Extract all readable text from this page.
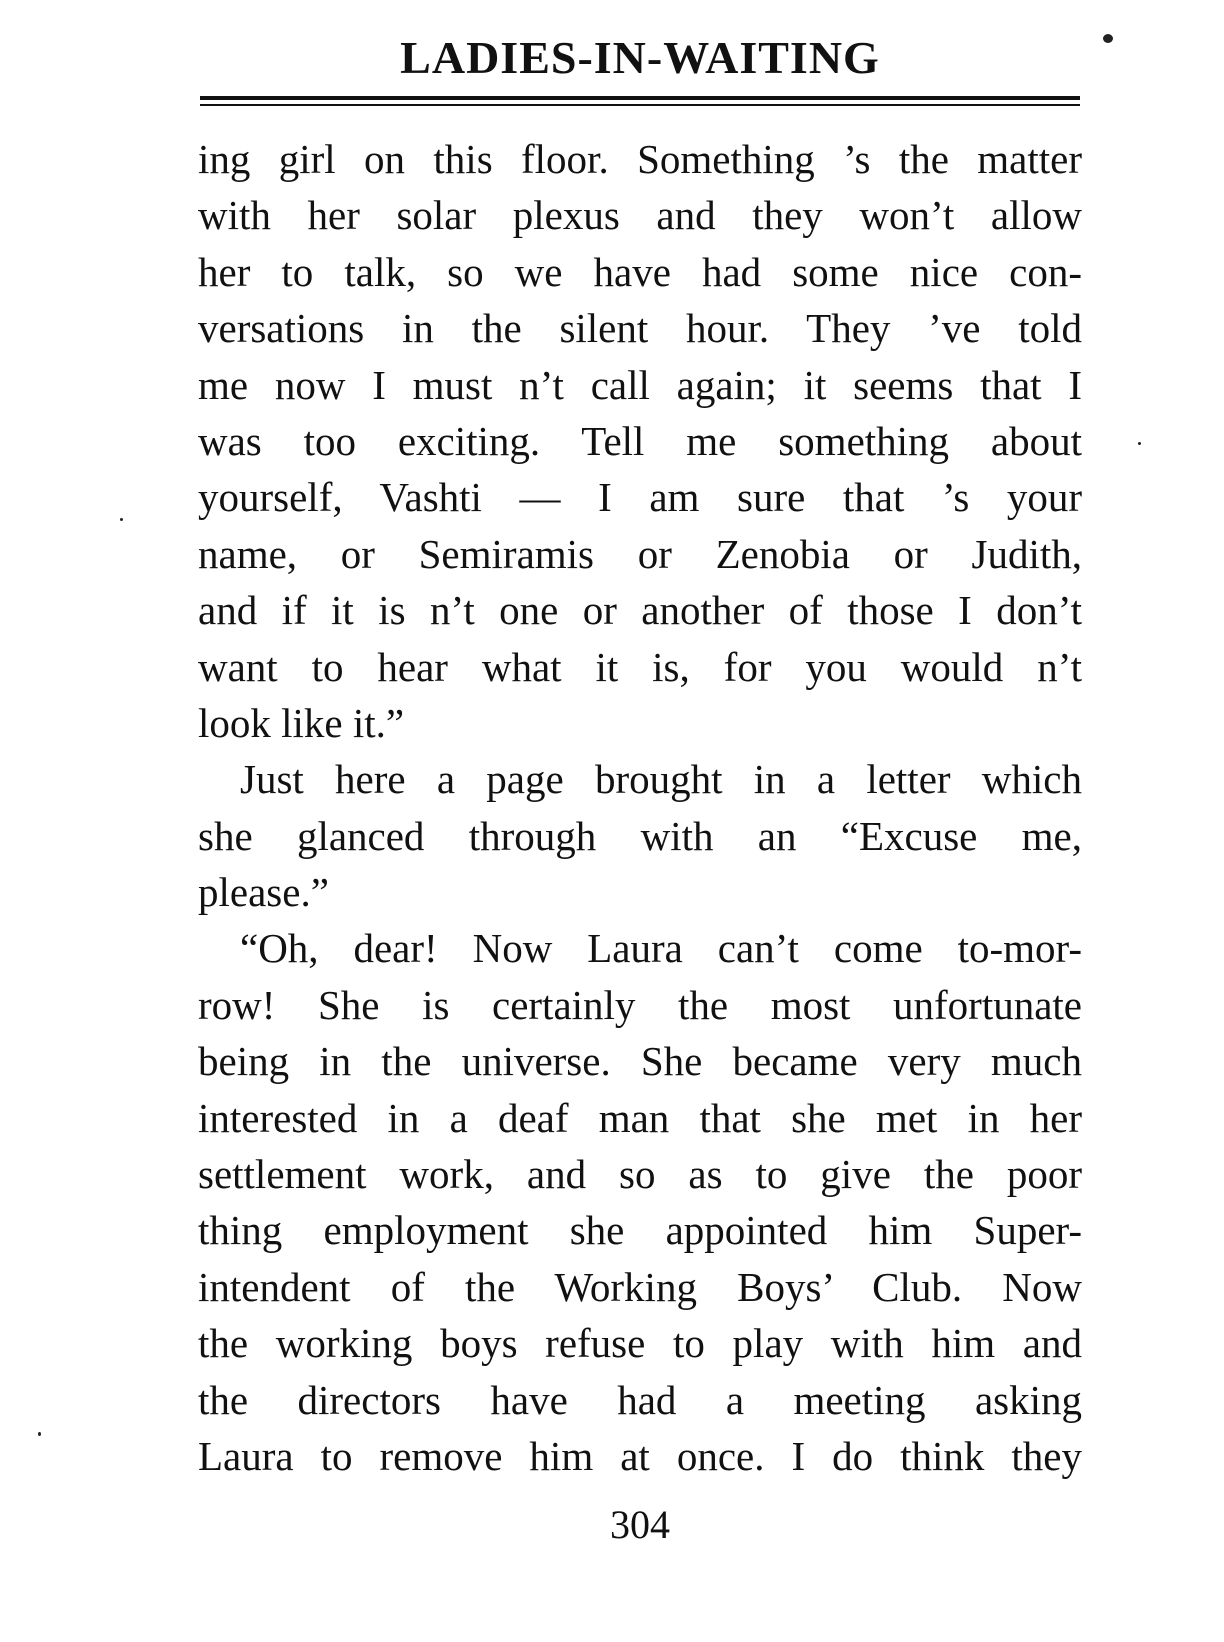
LADIES-IN-WAITING
ing girl on this floor. Something ’s the matter
with her solar plexus and they won’t allow
her to talk, so we have had some nice con-
versations in the silent hour. They ’ve told
me now I must n’t call again; it seems that I
was too exciting. Tell me something about
yourself, Vashti — I am sure that ’s your
name, or Semiramis or Zenobia or Judith,
and if it is n’t one or another of those I don’t
want to hear what it is, for you would n’t
look like it.”
Just here a page brought in a letter which
she glanced through with an “Excuse me,
please.”
“Oh, dear! Now Laura can’t come to-mor-
row! She is certainly the most unfortunate
being in the universe. She became very much
interested in a deaf man that she met in her
settlement work, and so as to give the poor
thing employment she appointed him Super-
intendent of the Working Boys’ Club. Now
the working boys refuse to play with him and
the directors have had a meeting asking
Laura to remove him at once. I do think they
304
